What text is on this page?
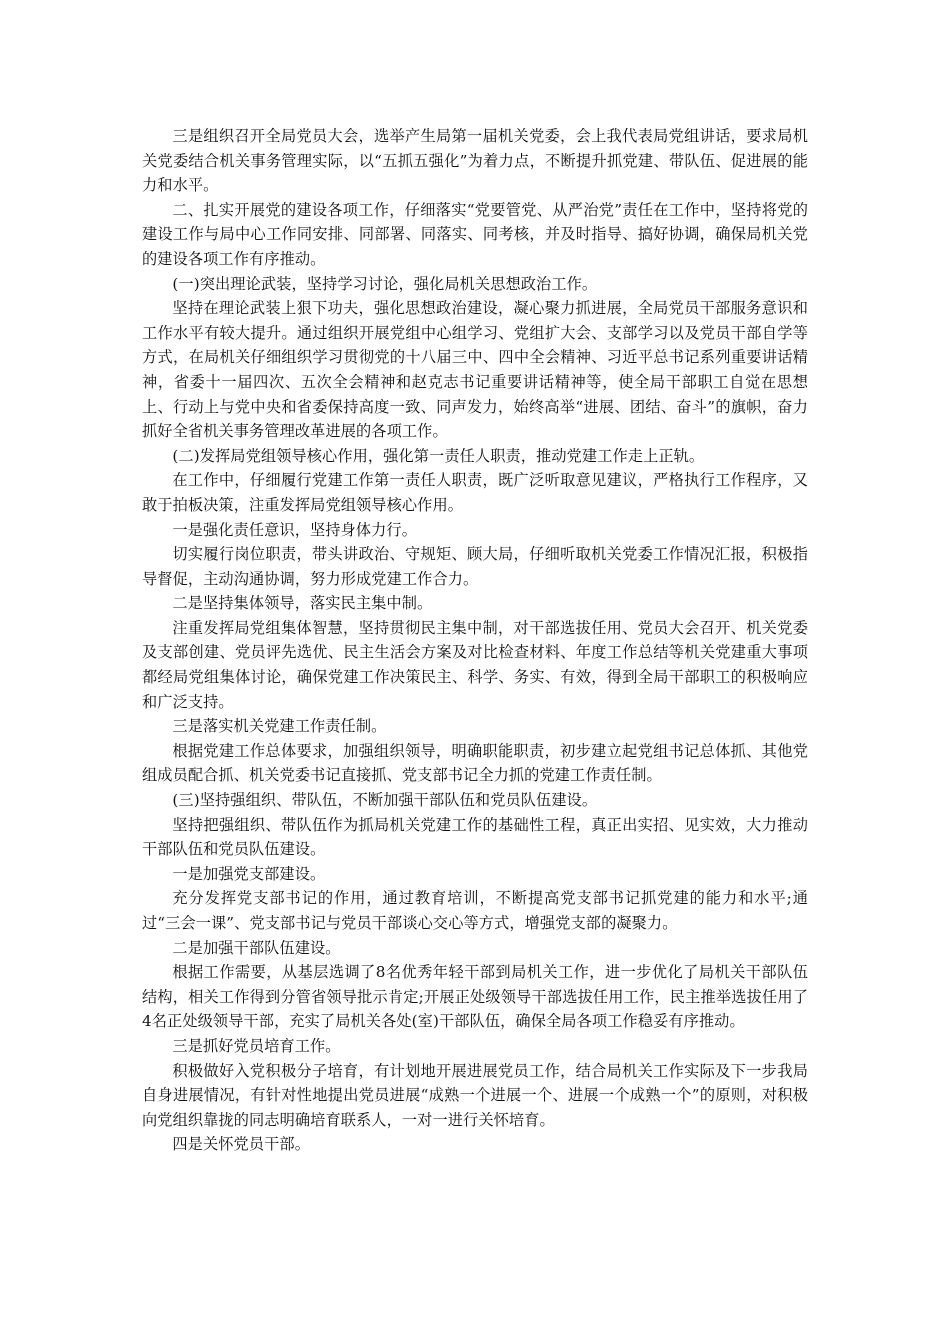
三是组织召开全局党员大会，选举产生局第一届机关党委，会上我代表局党组讲话，要求局机关党委结合机关事务管理实际，以“五抓五强化”为着力点，不断提升抓党建、带队伍、促进展的能力和水平。

二、扎实开展党的建设各项工作，仔细落实“党要管党、从严治党”责任在工作中，坚持将党的建设工作与局中心工作同安排、同部署、同落实、同考核，并及时指导、搞好协调，确保局机关党的建设各项工作有序推动。

(一)突出理论武装，坚持学习讨论，强化局机关思想政治工作。

坚持在理论武装上狠下功夫，强化思想政治建设，凝心聚力抓进展，全局党员干部服务意识和工作水平有较大提升。通过组织开展党组中心组学习、党组扩大会、支部学习以及党员干部自学等方式，在局机关仔细组织学习贯彻党的十八届三中、四中全会精神、习近平总书记系列重要讲话精神，省委十一届四次、五次全会精神和赵克志书记重要讲话精神等，使全局干部职工自觉在思想上、行动上与党中央和省委保持高度一致、同声发力，始终高举“进展、团结、奋斗”的旗帜，奋力抓好全省机关事务管理改革进展的各项工作。

(二)发挥局党组领导核心作用，强化第一责任人职责，推动党建工作走上正轨。

在工作中，仔细履行党建工作第一责任人职责，既广泛听取意见建议，严格执行工作程序，又敢于拍板决策，注重发挥局党组领导核心作用。

一是强化责任意识，坚持身体力行。

切实履行岗位职责，带头讲政治、守规矩、顾大局，仔细听取机关党委工作情况汇报，积极指导督促，主动沟通协调，努力形成党建工作合力。

二是坚持集体领导，落实民主集中制。

注重发挥局党组集体智慧，坚持贯彻民主集中制，对干部选拔任用、党员大会召开、机关党委及支部创建、党员评先选优、民主生活会方案及对比检查材料、年度工作总结等机关党建重大事项都经局党组集体讨论，确保党建工作决策民主、科学、务实、有效，得到全局干部职工的积极响应和广泛支持。

三是落实机关党建工作责任制。

根据党建工作总体要求，加强组织领导，明确职能职责，初步建立起党组书记总体抓、其他党组成员配合抓、机关党委书记直接抓、党支部书记全力抓的党建工作责任制。

(三)坚持强组织、带队伍，不断加强干部队伍和党员队伍建设。

坚持把强组织、带队伍作为抓局机关党建工作的基础性工程，真正出实招、见实效，大力推动干部队伍和党员队伍建设。

一是加强党支部建设。

充分发挥党支部书记的作用，通过教育培训，不断提高党支部书记抓党建的能力和水平;通过“三会一课”、党支部书记与党员干部谈心交心等方式，增强党支部的凝聚力。

二是加强干部队伍建设。

根据工作需要，从基层选调了8名优秀年轻干部到局机关工作，进一步优化了局机关干部队伍结构，相关工作得到分管省领导批示肯定;开展正处级领导干部选拔任用工作，民主推举选拔任用了4名正处级领导干部，充实了局机关各处(室)干部队伍，确保全局各项工作稳妥有序推动。

三是抓好党员培育工作。

积极做好入党积极分子培育，有计划地开展进展党员工作，结合局机关工作实际及下一步我局自身进展情况，有针对性地提出党员进展“成熟一个进展一个、进展一个成熟一个”的原则，对积极向党组织靠拢的同志明确培育联系人，一对一进行关怀培育。

四是关怀党员干部。
